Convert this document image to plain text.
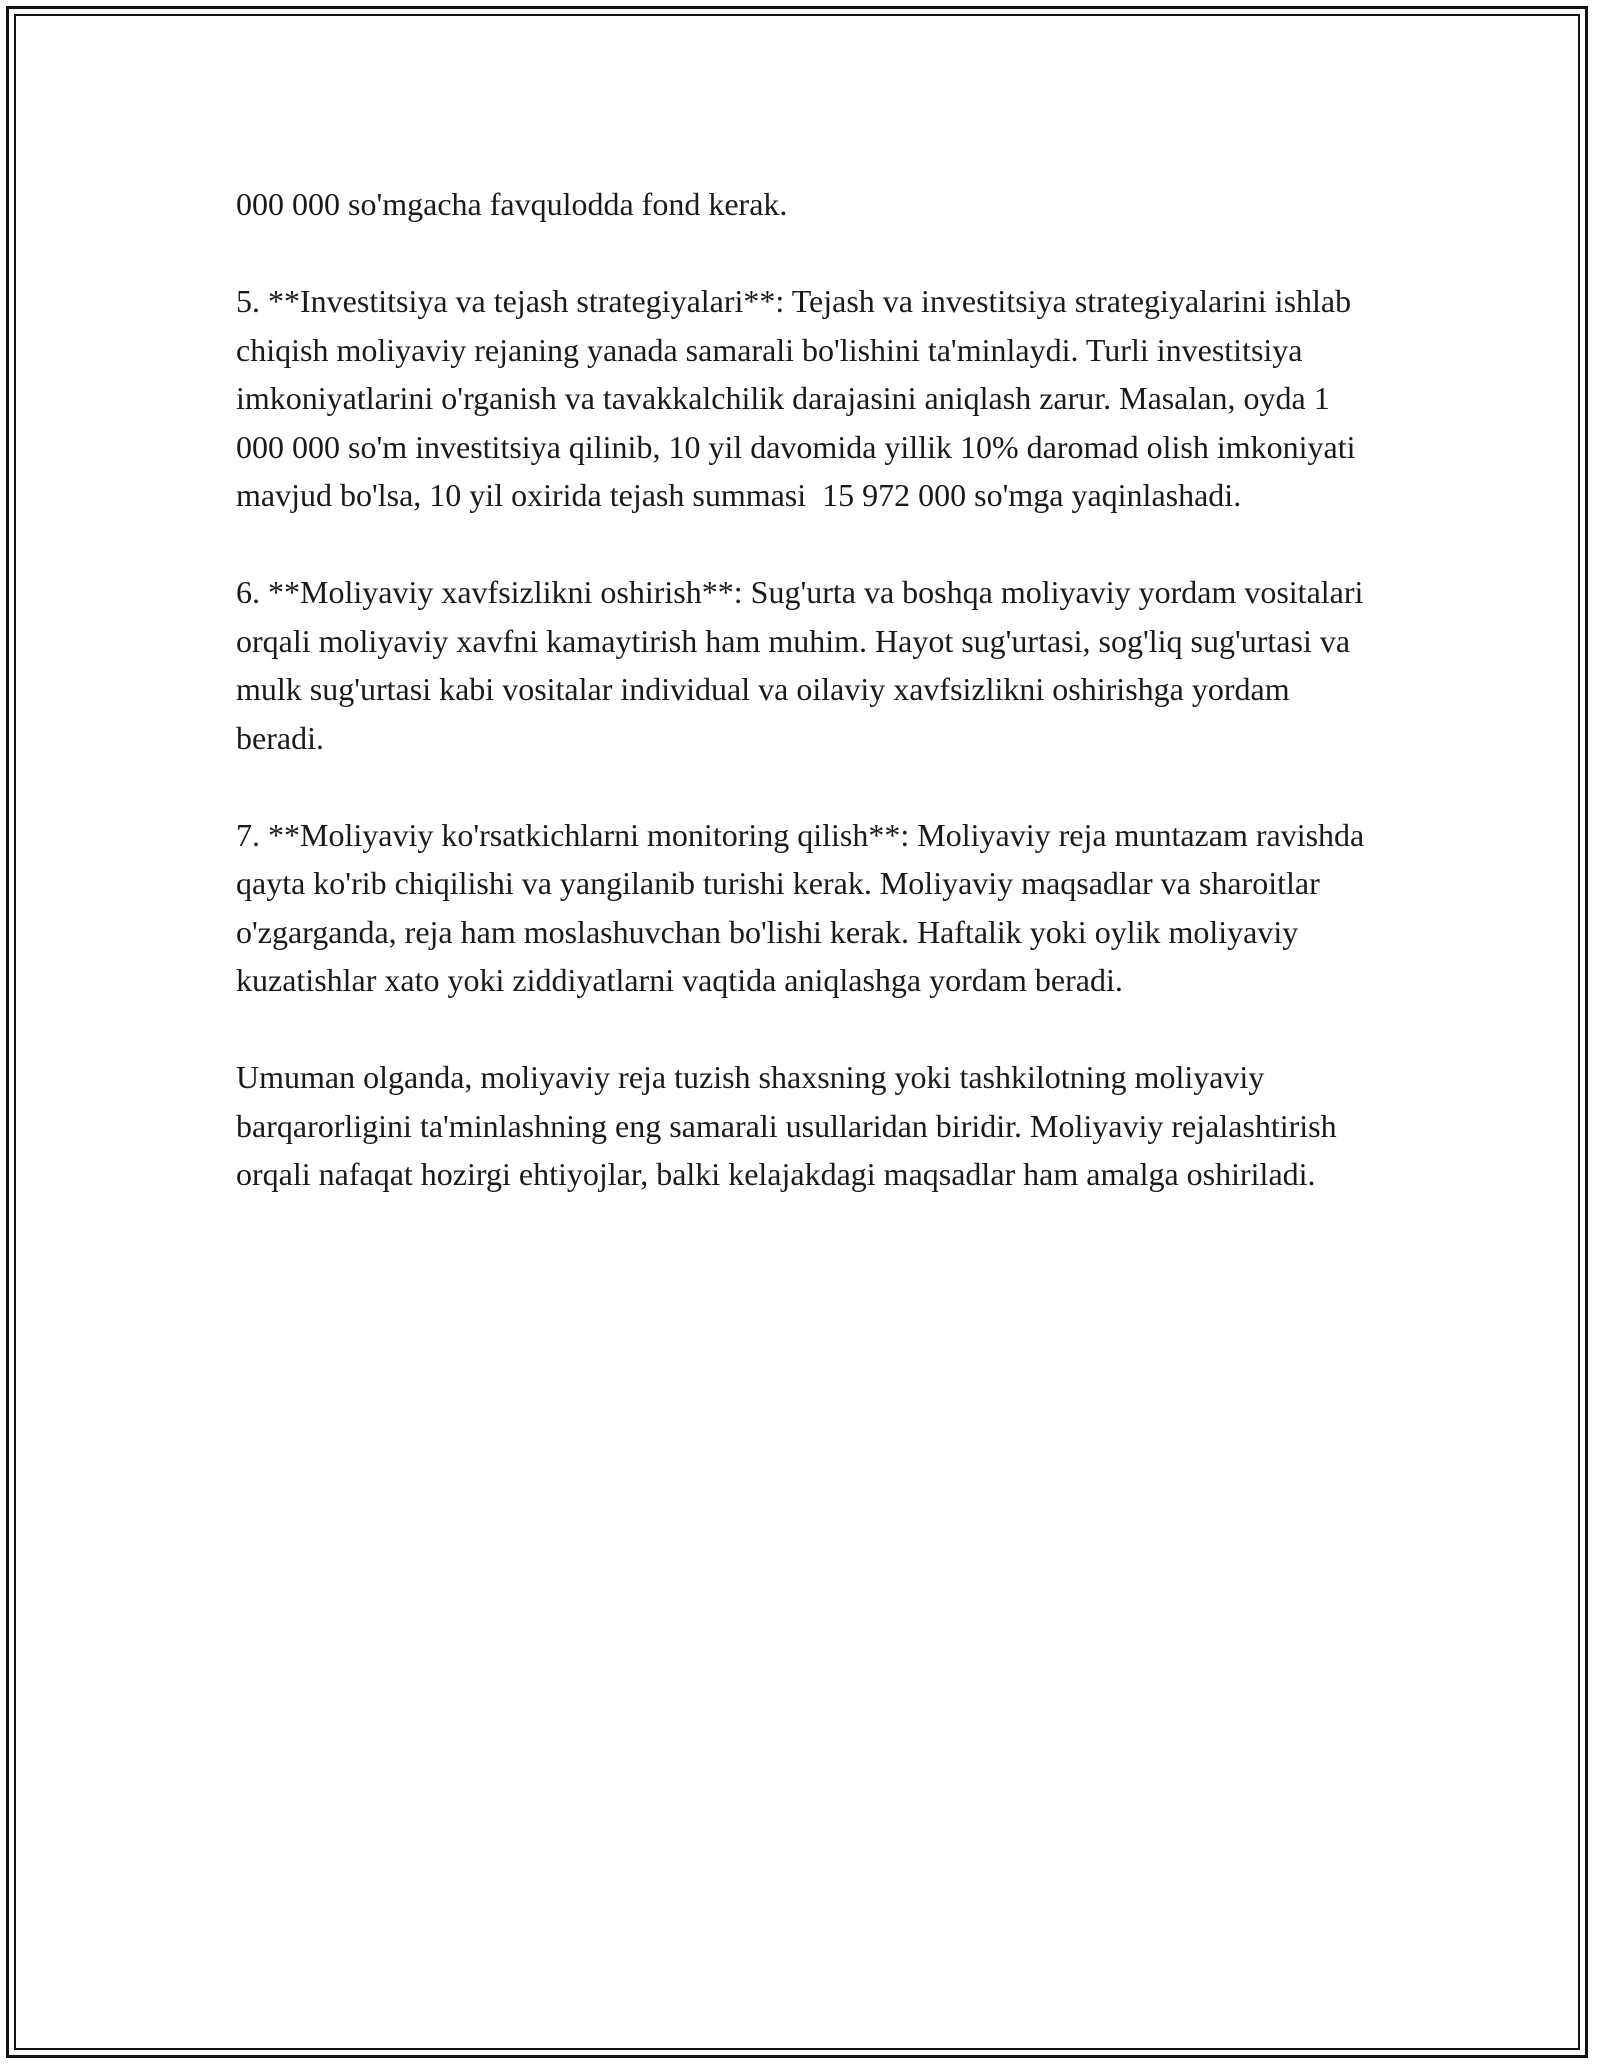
000 000 so'mgacha favqulodda fond kerak.

5. **Investitsiya va tejash strategiyalari**: Tejash va investitsiya strategiyalarini ishlab chiqish moliyaviy rejaning yanada samarali bo'lishini ta'minlaydi. Turli investitsiya imkoniyatlarini o'rganish va tavakkalchilik darajasini aniqlash zarur. Masalan, oyda 1 000 000 so'm investitsiya qilinib, 10 yil davomida yillik 10% daromad olish imkoniyati mavjud bo'lsa, 10 yil oxirida tejash summasi  15 972 000 so'mga yaqinlashadi.

6. **Moliyaviy xavfsizlikni oshirish**: Sug'urta va boshqa moliyaviy yordam vositalari orqali moliyaviy xavfni kamaytirish ham muhim. Hayot sug'urtasi, sog'liq sug'urtasi va mulk sug'urtasi kabi vositalar individual va oilaviy xavfsizlikni oshirishga yordam beradi.

7. **Moliyaviy ko'rsatkichlarni monitoring qilish**: Moliyaviy reja muntazam ravishda qayta ko'rib chiqilishi va yangilanib turishi kerak. Moliyaviy maqsadlar va sharoitlar o'zgarganda, reja ham moslashuvchan bo'lishi kerak. Haftalik yoki oylik moliyaviy kuzatishlar xato yoki ziddiyatlarni vaqtida aniqlashga yordam beradi.

Umuman olganda, moliyaviy reja tuzish shaxsning yoki tashkilotning moliyaviy barqarorligini ta'minlashning eng samarali usullaridan biridir. Moliyaviy rejalashtirish orqali nafaqat hozirgi ehtiyojlar, balki kelajakdagi maqsadlar ham amalga oshiriladi.
